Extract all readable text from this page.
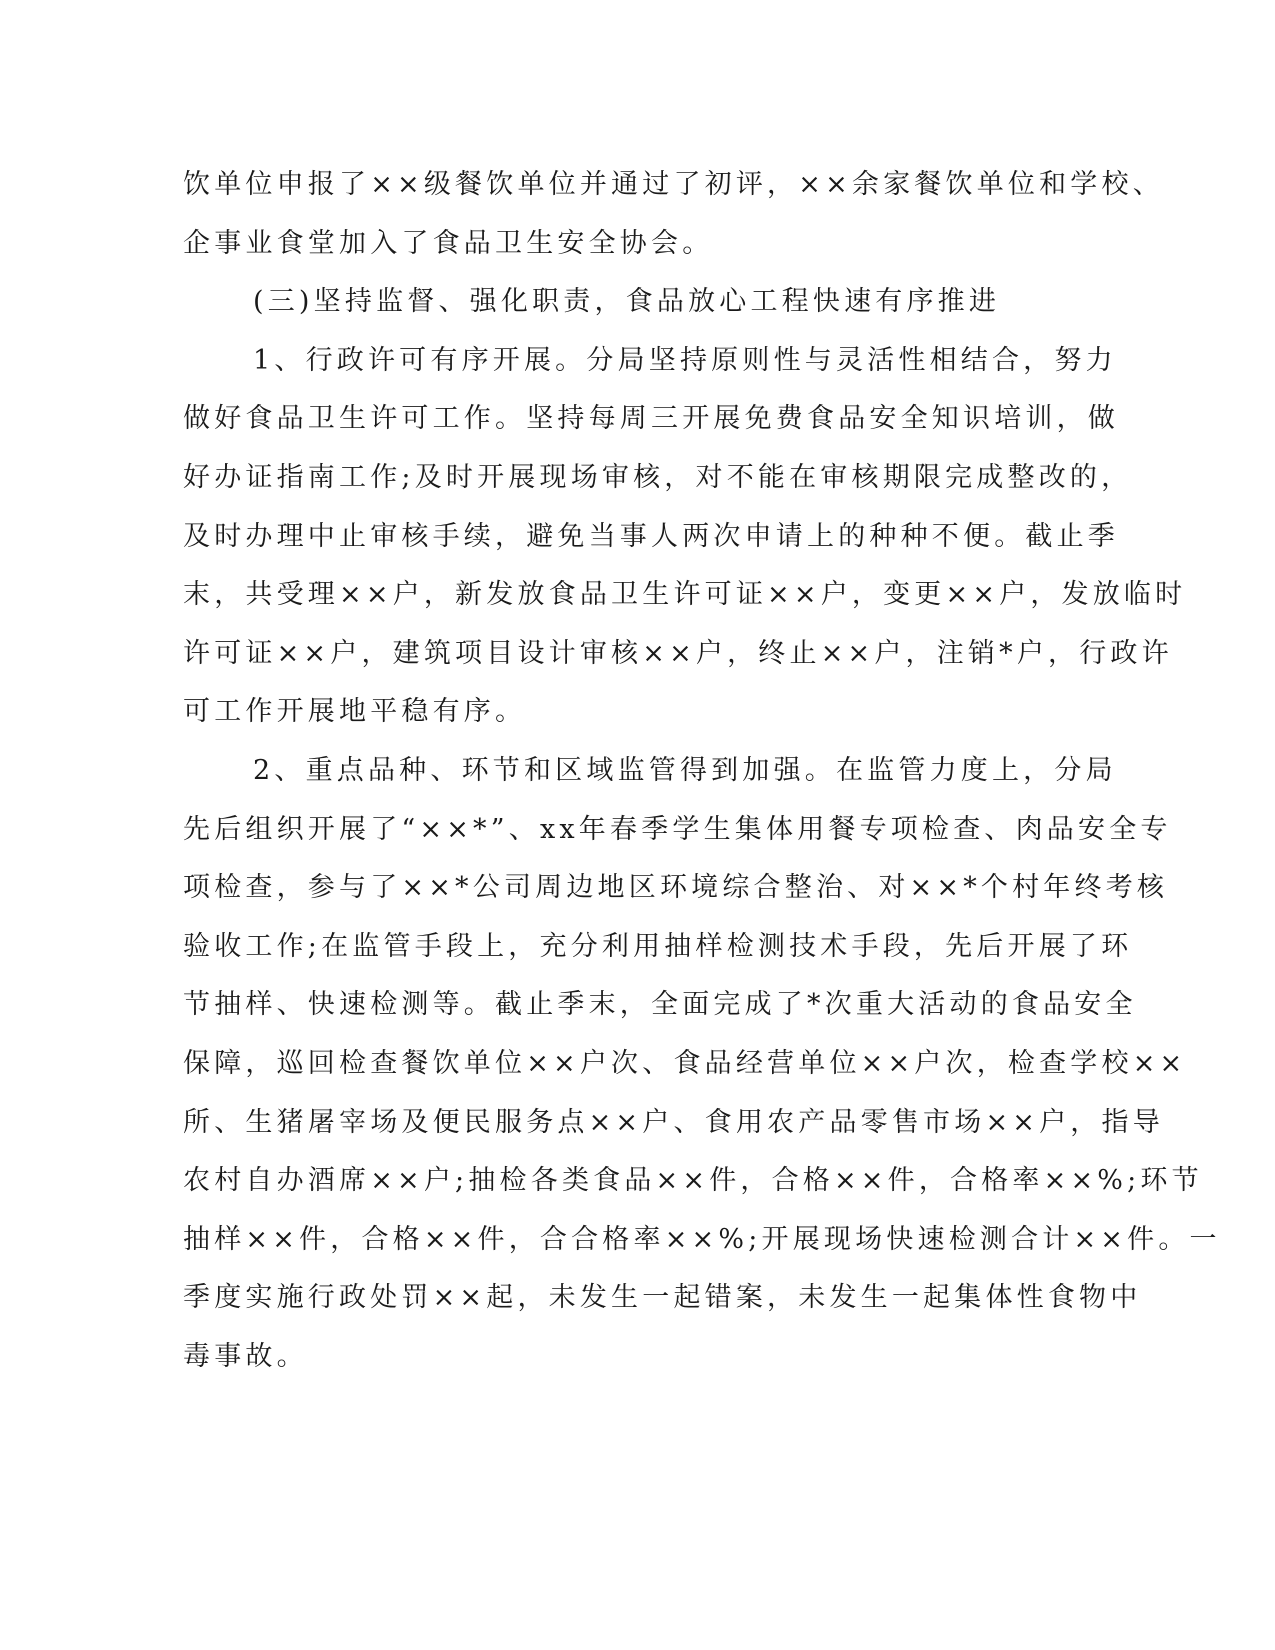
饮单位申报了××级餐饮单位并通过了初评，××余家餐饮单位和学校、
企事业食堂加入了食品卫生安全协会。
(三)坚持监督、强化职责，食品放心工程快速有序推进
1、行政许可有序开展。分局坚持原则性与灵活性相结合，努力
做好食品卫生许可工作。坚持每周三开展免费食品安全知识培训，做
好办证指南工作;及时开展现场审核，对不能在审核期限完成整改的，
及时办理中止审核手续，避免当事人两次申请上的种种不便。截止季
末，共受理××户，新发放食品卫生许可证××户，变更××户，发放临时
许可证××户，建筑项目设计审核××户，终止××户，注销*户，行政许
可工作开展地平稳有序。
2、重点品种、环节和区域监管得到加强。在监管力度上，分局
先后组织开展了“××*”、xx年春季学生集体用餐专项检查、肉品安全专
项检查，参与了××*公司周边地区环境综合整治、对××*个村年终考核
验收工作;在监管手段上，充分利用抽样检测技术手段，先后开展了环
节抽样、快速检测等。截止季末，全面完成了*次重大活动的食品安全
保障，巡回检查餐饮单位××户次、食品经营单位××户次，检查学校××
所、生猪屠宰场及便民服务点××户、食用农产品零售市场××户，指导
农村自办酒席××户;抽检各类食品××件，合格××件，合格率××%;环节
抽样××件，合格××件，合合格率××%;开展现场快速检测合计××件。一
季度实施行政处罚××起，未发生一起错案，未发生一起集体性食物中
毒事故。
